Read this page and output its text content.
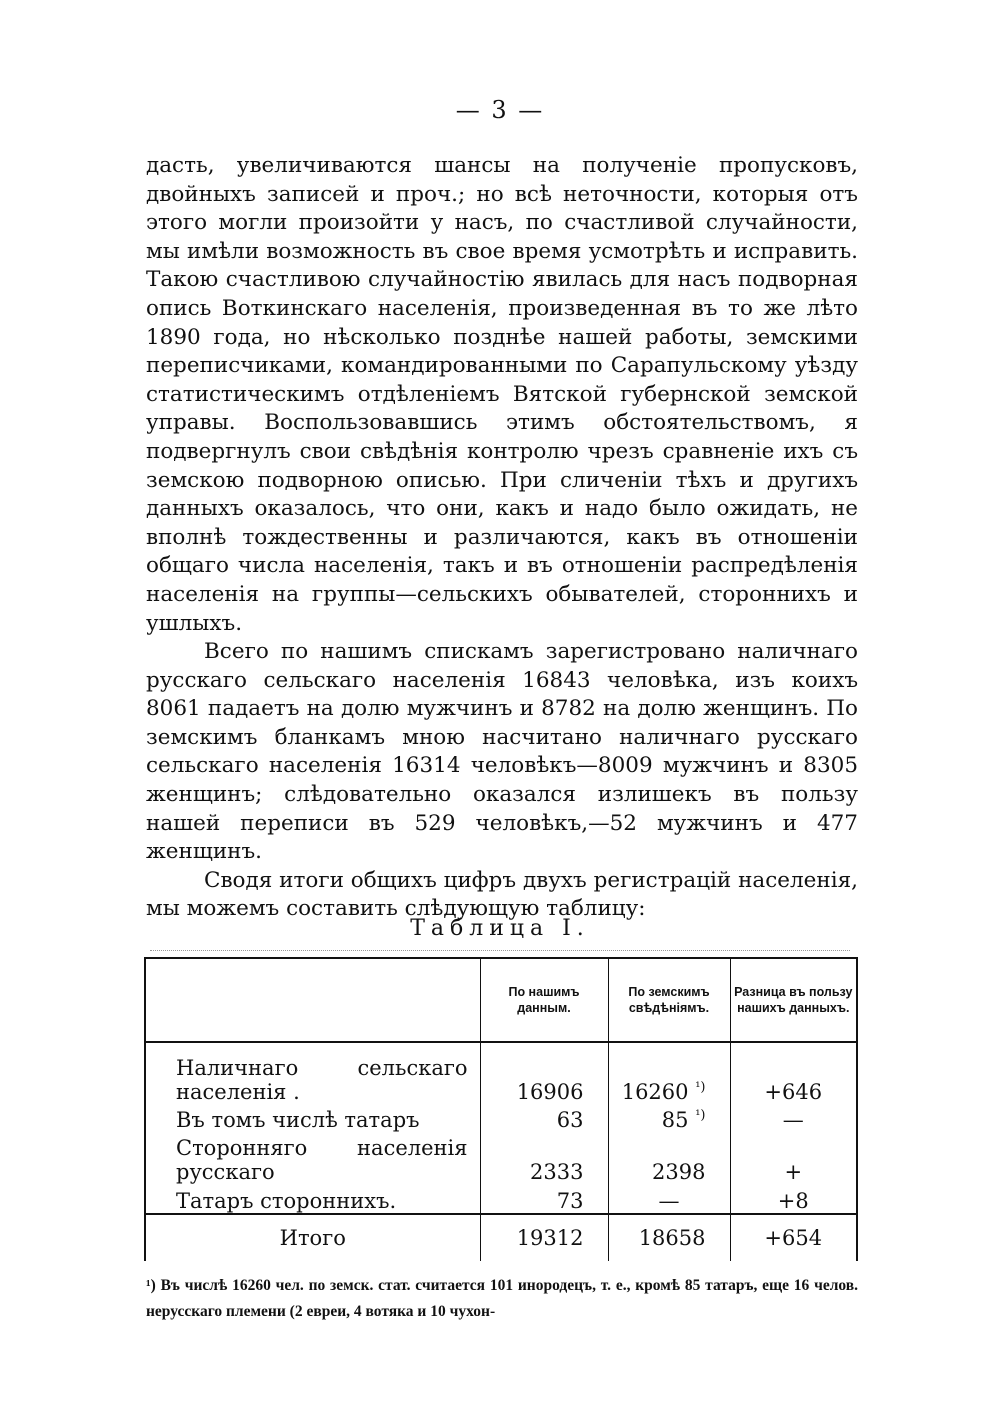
— 3 —

дасть, увеличиваются шансы на полученіе пропусковъ, двойныхъ записей и проч.; но всѣ неточности, которыя отъ этого могли произойти у насъ, по счастливой случайности, мы имѣли возможность въ свое время усмотрѣть и исправить. Такою счастливою случайностію явилась для насъ подворная опись Воткинскаго населенія, произведенная въ то же лѣто 1890 года, но нѣсколько позднѣе нашей работы, земскими переписчиками, командированными по Сарапульскому уѣзду статистическимъ отдѣленіемъ Вятской губернской земской управы. Воспользовавшись этимъ обстоятельствомъ, я подвергнулъ свои свѣдѣнія контролю чрезъ сравненіе ихъ съ земскою подворною описью. При сличеніи тѣхъ и другихъ данныхъ оказалось, что они, какъ и надо было ожидать, не вполнѣ тождественны и различаются, какъ въ отношеніи общаго числа населенія, такъ и въ отношеніи распредѣленія населенія на группы—сельскихъ обывателей, стороннихъ и ушлыхъ.

Всего по нашимъ спискамъ зарегистровано наличнаго русскаго сельскаго населенія 16843 человѣка, изъ коихъ 8061 падаетъ на долю мужчинъ и 8782 на долю женщинъ. По земскимъ бланкамъ мною насчитано наличнаго русскаго сельскаго населенія 16314 человѣкъ—8009 мужчинъ и 8305 женщинъ; слѣдовательно оказался излишекъ въ пользу нашей переписи въ 529 человѣкъ,—52 мужчинъ и 477 женщинъ.

Сводя итоги общихъ цифръ двухъ регистрацій населенія, мы можемъ составить слѣдующую таблицу:

Таблица I.
	По нашимъ данным.	По земскимъ свѣдѣніямъ.	Разница въ пользу нашихъ данныхъ.

Наличнаго сельскаго населенія .	16906	16260 $^{^1)}$	+646
Въ томъ числѣ татаръ	63	85 $^{^1)}$	—

Сторонняго населенія русскаго	2333	2398	+
Татаръ стороннихъ.	73	—	+8
Итого	19312	18658	+654
¹) Въ числѣ 16260 чел. по земск. стат. считается 101 инородецъ, т. е., кромѣ 85 татаръ, еще 16 челов. нерусскаго племени (2 евреи, 4 вотяка и 10 чухон-
